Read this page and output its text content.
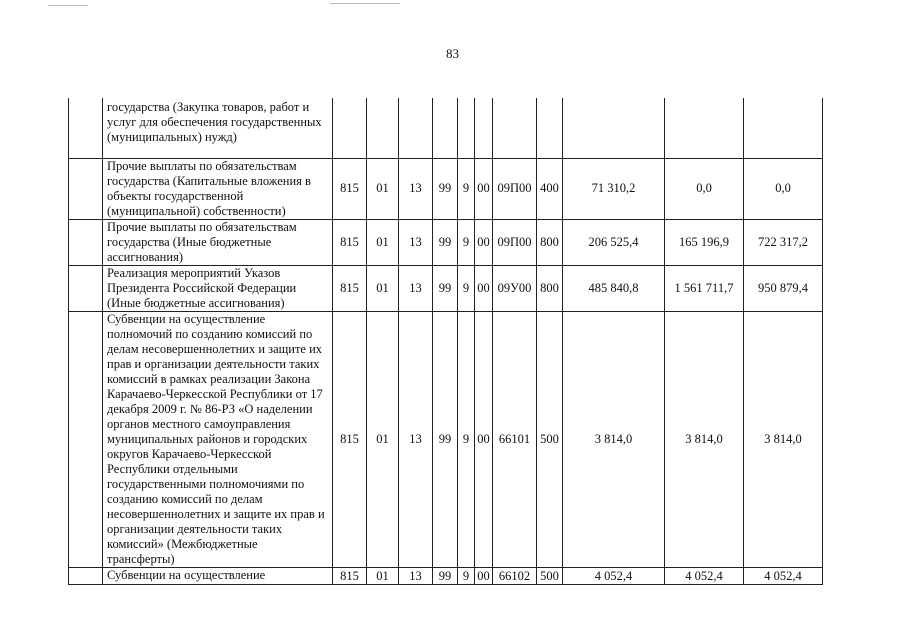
83
	государства (Закупка товаров, работ и услуг для обеспечения государственных (муниципальных) нужд)											
	Прочие выплаты по обязательствам государства (Капитальные вложения в объекты государственной (муниципальной) собственности)	815	01	13	99	9	00	09П00	400	71 310,2	0,0	0,0
	Прочие выплаты по обязательствам государства (Иные бюджетные ассигнования)	815	01	13	99	9	00	09П00	800	206 525,4	165 196,9	722 317,2
	Реализация мероприятий Указов Президента Российской Федерации (Иные бюджетные ассигнования)	815	01	13	99	9	00	09У00	800	485 840,8	1 561 711,7	950 879,4
	Субвенции на осуществление полномочий по созданию комиссий по делам несовершеннолетних и защите их прав и организации деятельности таких комиссий в рамках реализации Закона Карачаево-Черкесской Республики от 17 декабря 2009 г. № 86-РЗ «О наделении органов местного самоуправления муниципальных районов и городских округов Карачаево-Черкесской Республики отдельными государственными полномочиями по созданию комиссий по делам несовершеннолетних и защите их прав и организации деятельности таких комиссий» (Межбюджетные трансферты)	815	01	13	99	9	00	66101	500	3 814,0	3 814,0	3 814,0
	Субвенции на осуществление	815	01	13	99	9	00	66102	500	4 052,4	4 052,4	4 052,4
